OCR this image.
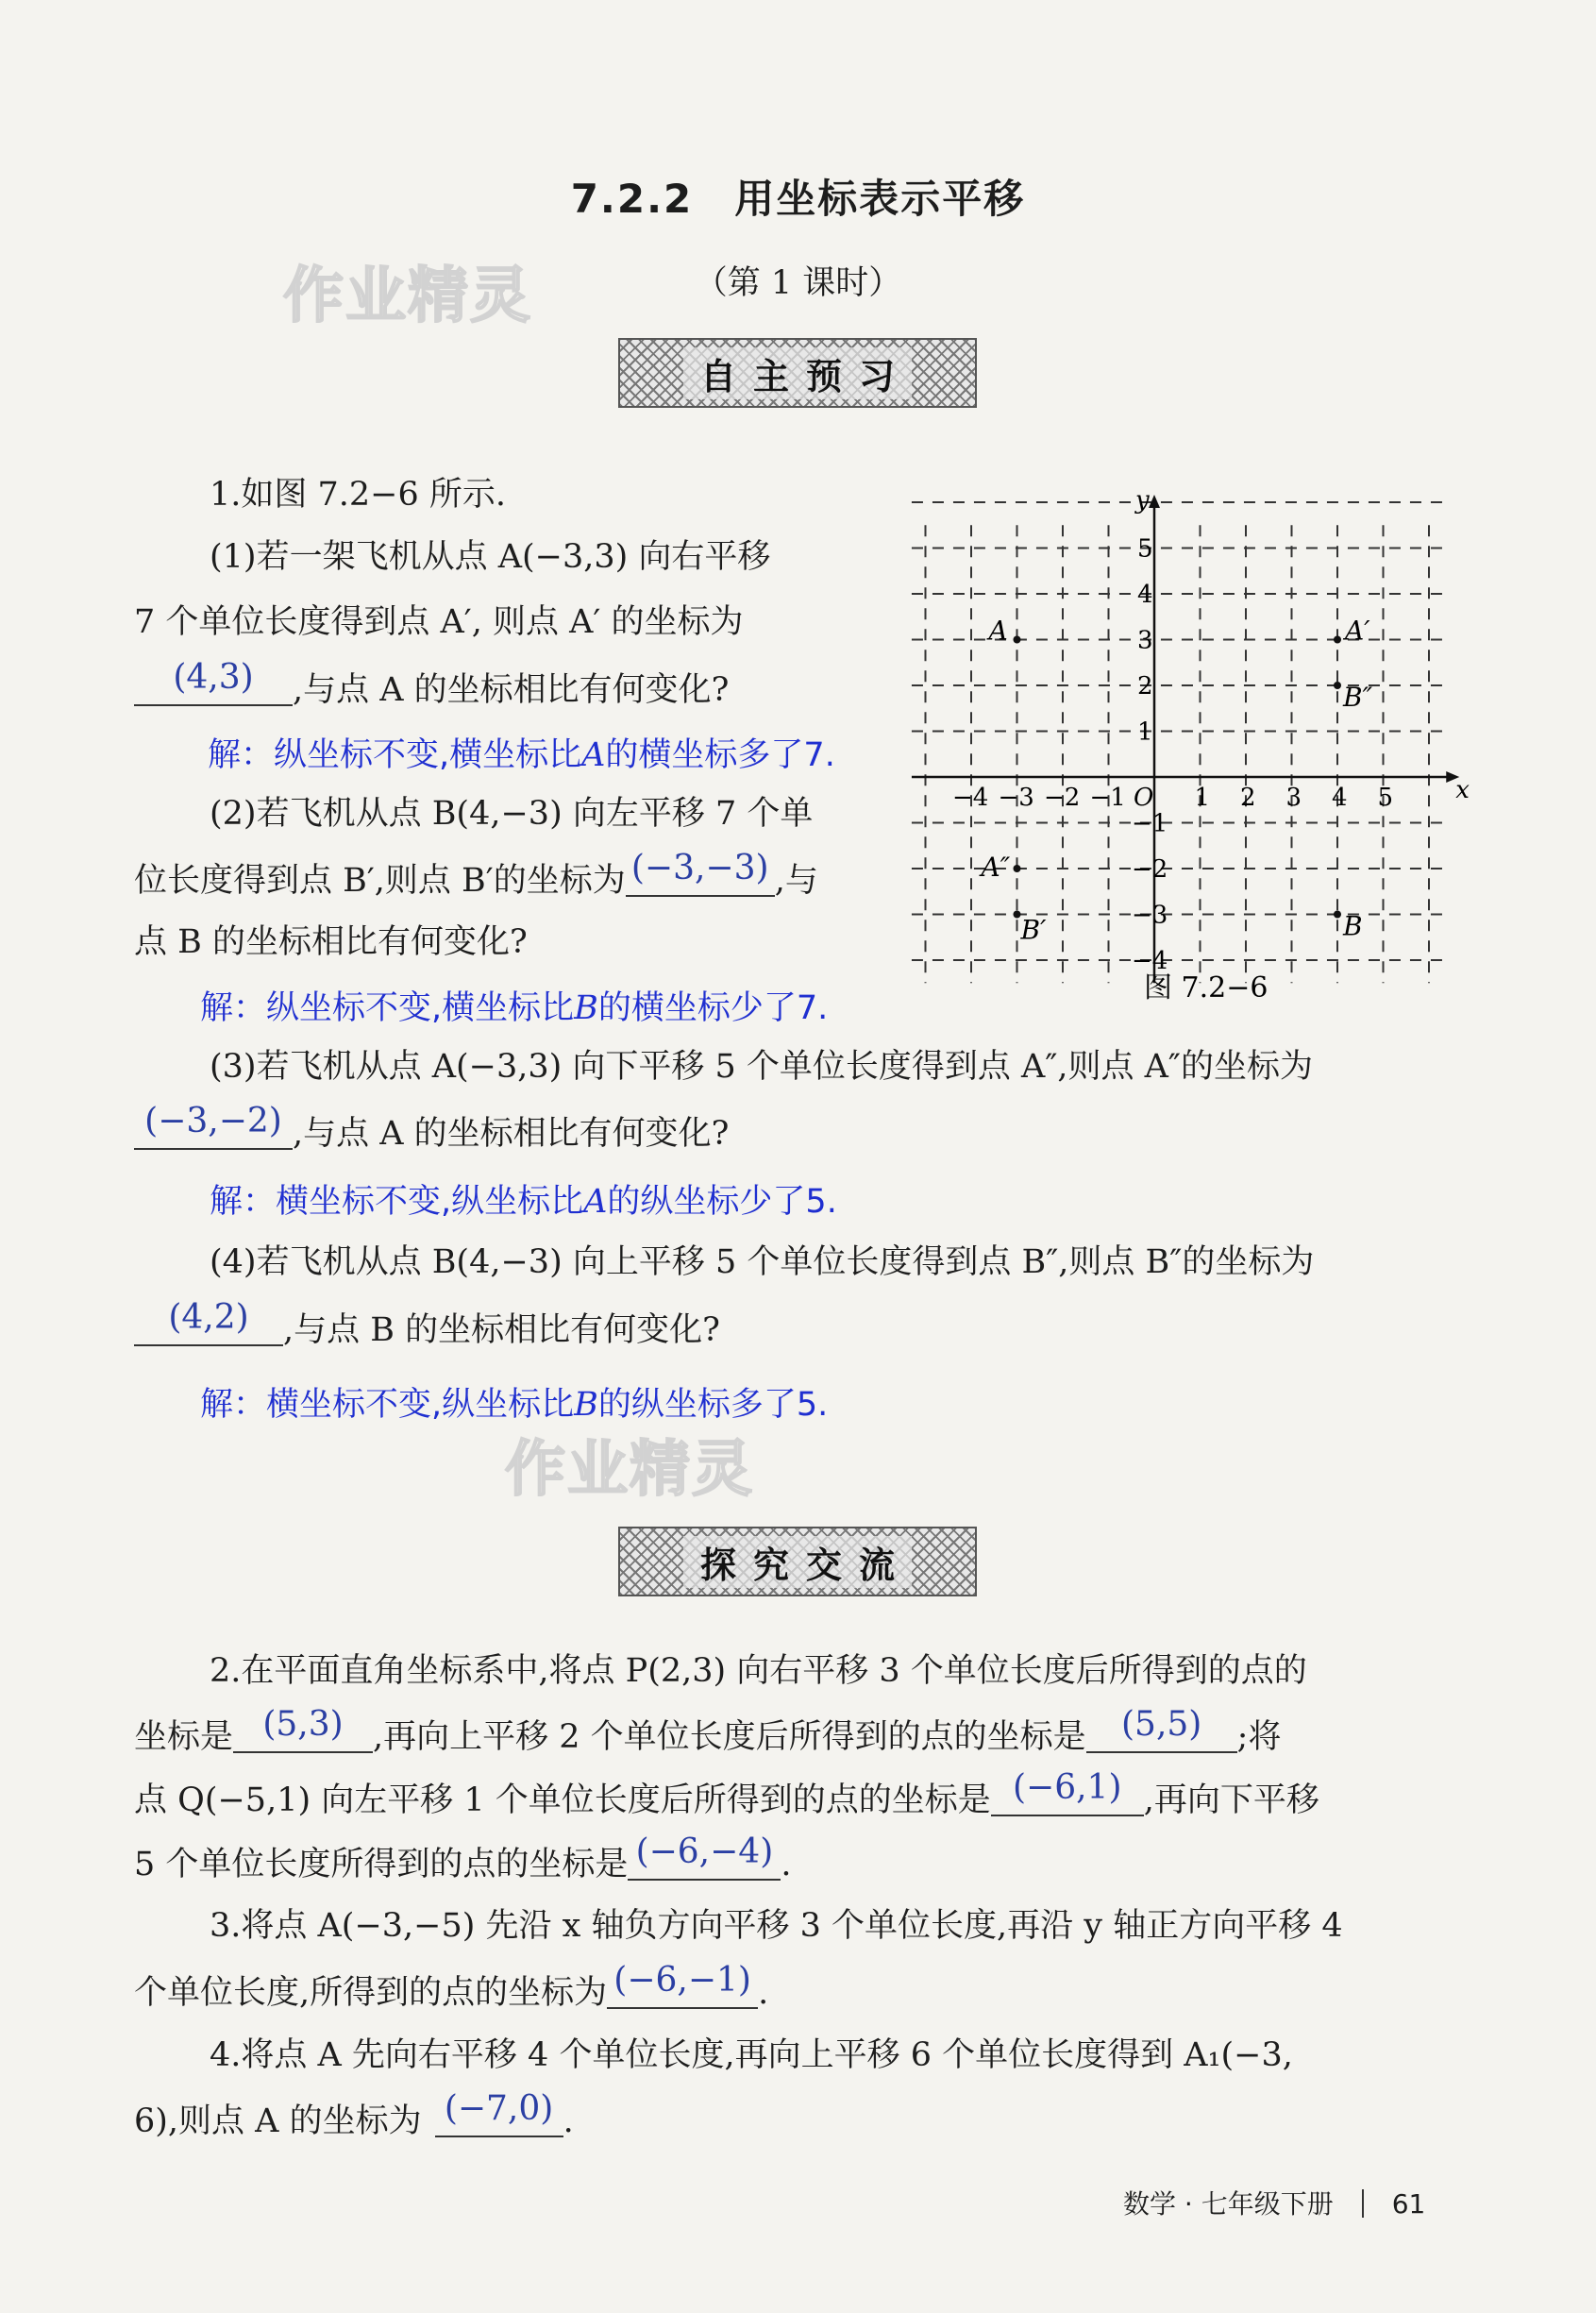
7.2.2　用坐标表示平移
（第 1 课时）
作业精灵
自主预习
1.如图 7.2−6 所示.
(1)若一架飞机从点 A(−3,3) 向右平移
7 个单位长度得到点 A′, 则点 A′ 的坐标为
(4,3)	,与点 A 的坐标相比有何变化?
解：纵坐标不变,横坐标比A的横坐标多了7.
(2)若飞机从点 B(4,−3) 向左平移 7 个单
位长度得到点 B′,则点 B′的坐标为 (−3,−3) ,与
点 B 的坐标相比有何变化?
解：纵坐标不变,横坐标比B的横坐标少了7.
x
y
O
−4 −3 −2 −1	1 2 3 4 5
5
4
3
2
1
−1
−2
−3
−4
A	A′
B″
A″
B′	B
图 7.2−6
(3)若飞机从点 A(−3,3) 向下平移 5 个单位长度得到点 A″,则点 A″的坐标为
(−3,−2) ,与点 A 的坐标相比有何变化?
解：横坐标不变,纵坐标比A的纵坐标少了5.
(4)若飞机从点 B(4,−3) 向上平移 5 个单位长度得到点 B″,则点 B″的坐标为
(4,2)	,与点 B 的坐标相比有何变化?
解：横坐标不变,纵坐标比B的纵坐标多了5.
作业精灵
探究交流
2.在平面直角坐标系中,将点 P(2,3) 向右平移 3 个单位长度后所得到的点的
坐标是 (5,3) ,再向上平移 2 个单位长度后所得到的点的坐标是	(5,5)	;将
点 Q(−5,1) 向左平移 1 个单位长度后所得到的点的坐标是 (−6,1) ,再向下平移
5 个单位长度所得到的点的坐标是 (−6,−4) .
3.将点 A(−3,−5) 先沿 x 轴负方向平移 3 个单位长度,再沿 y 轴正方向平移 4
个单位长度,所得到的点的坐标为 (−6,−1) .
4.将点 A 先向右平移 4 个单位长度,再向上平移 6 个单位长度得到 A₁(−3,
6),则点 A 的坐标为 (−7,0) .
数学 · 七年级下册 61
